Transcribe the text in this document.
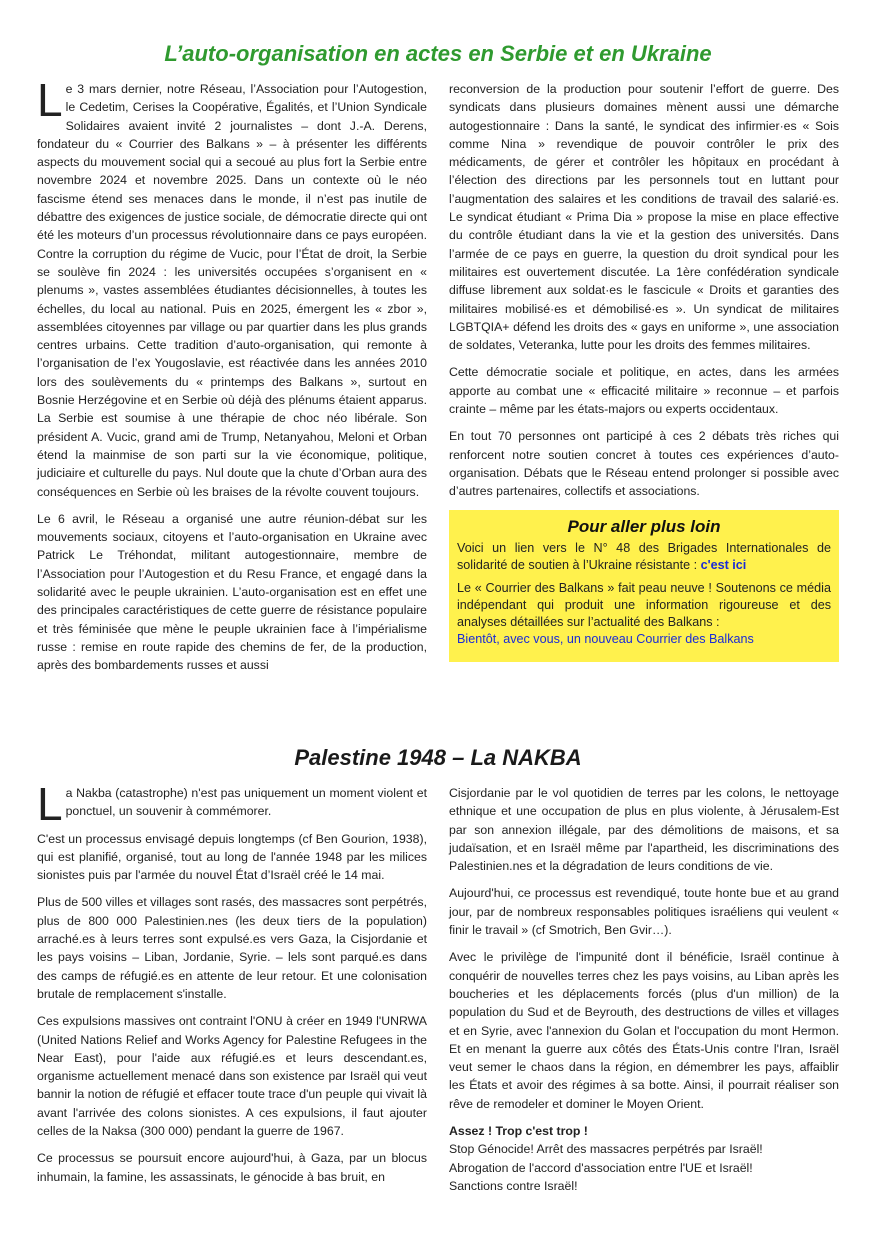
L’auto-organisation en actes en Serbie et en Ukraine

Le 3 mars dernier, notre Réseau, l’Association pour l’Autogestion, le Cedetim, Cerises la Coopérative, Égalités, et l’Union Syndicale Solidaires avaient invité 2 journalistes – dont J.-A. Derens, fondateur du « Courrier des Balkans » – à présenter les différents aspects du mouvement social qui a secoué au plus fort la Serbie entre novembre 2024 et novembre 2025. Dans un contexte où le néo fascisme étend ses menaces dans le monde, il n’est pas inutile de débattre des exigences de justice sociale, de démocratie directe qui ont été les moteurs d’un processus révolutionnaire dans ce pays européen. Contre la corruption du régime de Vucic, pour l’État de droit, la Serbie se soulève fin 2024 : les universités occupées s’organisent en « plenums », vastes assemblées étudiantes décisionnelles, à toutes les échelles, du local au national. Puis en 2025, émergent les « zbor », assemblées citoyennes par village ou par quartier dans les plus grands centres urbains. Cette tradition d’auto-organisation, qui remonte à l’organisation de l’ex Yougoslavie, est réactivée dans les années 2010 lors des soulèvements du « printemps des Balkans », surtout en Bosnie Herzégovine et en Serbie où déjà des plénums étaient apparus. La Serbie est soumise à une thérapie de choc néo libérale. Son président A. Vucic, grand ami de Trump, Netanyahou, Meloni et Orban étend la mainmise de son parti sur la vie économique, politique, judiciaire et culturelle du pays. Nul doute que la chute d’Orban aura des conséquences en Serbie où les braises de la révolte couvent toujours.

Le 6 avril, le Réseau a organisé une autre réunion-débat sur les mouvements sociaux, citoyens et l’auto-organisation en Ukraine avec Patrick Le Tréhondat, militant autogestionnaire, membre de l’Association pour l’Autogestion et du Resu France, et engagé dans la solidarité avec le peuple ukrainien. L’auto-organisation est en effet une des principales caractéristiques de cette guerre de résistance populaire et très féminisée que mène le peuple ukrainien face à l’impérialisme russe : remise en route rapide des chemins de fer, de la production, après des bombardements russes et aussi

reconversion de la production pour soutenir l’effort de guerre. Des syndicats dans plusieurs domaines mènent aussi une démarche autogestionnaire : Dans la santé, le syndicat des infirmier·es « Sois comme Nina » revendique de pouvoir contrôler le prix des médicaments, de gérer et contrôler les hôpitaux en procédant à l’élection des directions par les personnels tout en luttant pour l’augmentation des salaires et les conditions de travail des salarié·es. Le syndicat étudiant « Prima Dia » propose la mise en place effective du contrôle étudiant dans la vie et la gestion des universités. Dans l’armée de ce pays en guerre, la question du droit syndical pour les militaires est ouvertement discutée. La 1ère confédération syndicale diffuse librement aux soldat·es le fascicule « Droits et garanties des militaires mobilisé·es et démobilisé·es ». Un syndicat de militaires LGBTQIA+ défend les droits des « gays en uniforme », une association de soldates, Veteranka, lutte pour les droits des femmes militaires.

Cette démocratie sociale et politique, en actes, dans les armées apporte au combat une « efficacité militaire » reconnue – et parfois crainte – même par les états-majors ou experts occidentaux.

En tout 70 personnes ont participé à ces 2 débats très riches qui renforcent notre soutien concret à toutes ces expériences d’auto-organisation. Débats que le Réseau entend prolonger si possible avec d’autres partenaires, collectifs et associations.

Pour aller plus loin

Voici un lien vers le N° 48 des Brigades Internationales de solidarité de soutien à l’Ukraine résistante : c'est ici

Le « Courrier des Balkans » fait peau neuve ! Soutenons ce média indépendant qui produit une information rigoureuse et des analyses détaillées sur l’actualité des Balkans :
Bientôt, avec vous, un nouveau Courrier des Balkans

Palestine 1948 – La NAKBA

La Nakba (catastrophe) n'est pas uniquement un moment violent et ponctuel, un souvenir à commémorer.

C'est un processus envisagé depuis longtemps (cf Ben Gourion, 1938), qui est planifié, organisé, tout au long de l'année 1948 par les milices sionistes puis par l'armée du nouvel État d’Israël créé le 14 mai.

Plus de 500 villes et villages sont rasés, des massacres sont perpétrés, plus de 800 000 Palestinien.nes (les deux tiers de la population) arraché.es à leurs terres sont expulsé.es vers Gaza, la Cisjordanie et les pays voisins – Liban, Jordanie, Syrie. – lels sont parqué.es dans des camps de réfugié.es en attente de leur retour. Et une colonisation brutale de remplacement s'installe.

Ces expulsions massives ont contraint l'ONU à créer en 1949 l'UNRWA (United Nations Relief and Works Agency for Palestine Refugees in the Near East), pour l'aide aux réfugié.es et leurs descendant.es, organisme actuellement menacé dans son existence par Israël qui veut bannir la notion de réfugié et effacer toute trace d'un peuple qui vivait là avant l'arrivée des colons sionistes. A ces expulsions, il faut ajouter celles de la Naksa (300 000) pendant la guerre de 1967.

Ce processus se poursuit encore aujourd'hui, à Gaza, par un blocus inhumain, la famine, les assassinats, le génocide à bas bruit, en

Cisjordanie par le vol quotidien de terres par les colons, le nettoyage ethnique et une occupation de plus en plus violente, à Jérusalem-Est par son annexion illégale, par des démolitions de maisons, et sa judaïsation, et en Israël même par l'apartheid, les discriminations des Palestinien.nes et la dégradation de leurs conditions de vie.

Aujourd'hui, ce processus est revendiqué, toute honte bue et au grand jour, par de nombreux responsables politiques israéliens qui veulent « finir le travail » (cf Smotrich, Ben Gvir…).

Avec le privilège de l'impunité dont il bénéficie, Israël continue à conquérir de nouvelles terres chez les pays voisins, au Liban après les boucheries et les déplacements forcés (plus d'un million) de la population du Sud et de Beyrouth, des destructions de villes et villages et en Syrie, avec l'annexion du Golan et l'occupation du mont Hermon. Et en menant la guerre aux côtés des États-Unis contre l'Iran, Israël veut semer le chaos dans la région, en démembrer les pays, affaiblir les États et avoir des régimes à sa botte. Ainsi, il pourrait réaliser son rêve de remodeler et dominer le Moyen Orient.

Assez ! Trop c'est trop !

Stop Génocide! Arrêt des massacres perpétrés par Israël!

Abrogation de l'accord d'association entre l'UE et Israël!

Sanctions contre Israël!
